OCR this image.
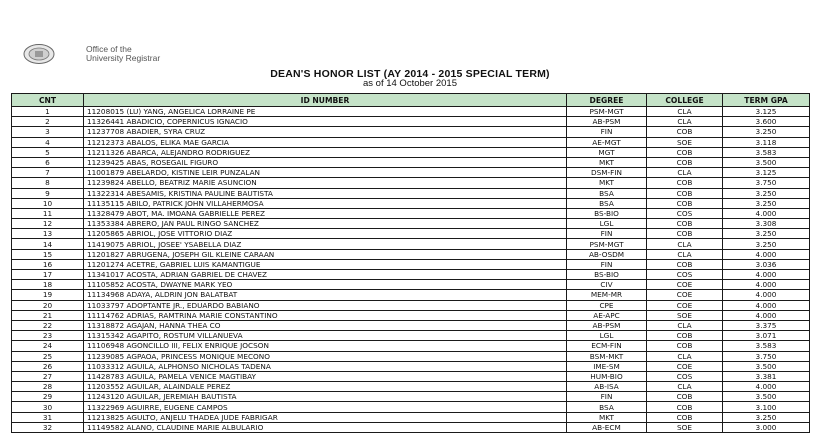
Office of the
University Registrar
DEAN'S HONOR LIST (AY 2014 - 2015 SPECIAL TERM)
as of 14 October 2015
CNT	ID NUMBER	DEGREE	COLLEGE	TERM GPA
1	11208015 (LU) YANG, ANGELICA LORRAINE PE	PSM-MGT	CLA	3.125
2	11326441 ABADICIO, COPERNICUS IGNACIO	AB-PSM	CLA	3.600
3	11237708 ABADIER, SYRA CRUZ	FIN	COB	3.250
4	11212373 ABALOS, ELIKA MAE GARCIA	AE-MGT	SOE	3.118
5	11211326 ABARCA, ALEJANDRO RODRIGUEZ	MGT	COB	3.583
6	11239425 ABAS, ROSEGAIL FIGURO	MKT	COB	3.500
7	11001879 ABELARDO, KISTINE LEIR PUNZALAN	DSM-FIN	CLA	3.125
8	11239824 ABELLO, BEATRIZ MARIE ASUNCION	MKT	COB	3.750
9	11322314 ABESAMIS, KRISTINA PAULINE BAUTISTA	BSA	COB	3.250
10	11135115 ABILO, PATRICK JOHN VILLAHERMOSA	BSA	COB	3.250
11	11328479 ABOT, MA. IMOANA GABRIELLE PEREZ	BS-BIO	COS	4.000
12	11353384 ABRERO, JAN PAUL RINGO SANCHEZ	LGL	COB	3.308
13	11205865 ABRIOL, JOSE VITTORIO DIAZ	FIN	COB	3.250
14	11419075 ABRIOL, JOSEE' YSABELLA DIAZ	PSM-MGT	CLA	3.250
15	11201827 ABRUGENA, JOSEPH GIL KLEINE CARAAN	AB-OSDM	CLA	4.000
16	11201274 ACETRE, GABRIEL LUIS KAMANTIGUE	FIN	COB	3.036
17	11341017 ACOSTA, ADRIAN GABRIEL DE CHAVEZ	BS-BIO	COS	4.000
18	11105852 ACOSTA, DWAYNE MARK YEO	CIV	COE	4.000
19	11134968 ADAYA, ALDRIN JON BALATBAT	MEM-MR	COE	4.000
20	11033797 ADOPTANTE JR., EDUARDO BABIANO	CPE	COE	4.000
21	11114762 ADRIAS, RAMTRINA MARIE CONSTANTINO	AE-APC	SOE	4.000
22	11318872 AGAJAN, HANNA THEA CO	AB-PSM	CLA	3.375
23	11315342 AGAPITO, ROSTUM VILLANUEVA	LGL	COB	3.071
24	11106948 AGONCILLO III, FELIX ENRIQUE JOCSON	ECM-FIN	COB	3.583
25	11239085 AGPAOA, PRINCESS MONIQUE MECONO	BSM-MKT	CLA	3.750
26	11033312 AGUILA, ALPHONSO NICHOLAS TADENA	IME-SM	COE	3.500
27	11428783 AGUILA, PAMELA VENICE MAGTIBAY	HUM-BIO	COS	3.381
28	11203552 AGUILAR, ALAINDALE PEREZ	AB-ISA	CLA	4.000
29	11243120 AGUILAR, JEREMIAH BAUTISTA	FIN	COB	3.500
30	11322969 AGUIRRE, EUGENE CAMPOS	BSA	COB	3.100
31	11213825 AGULTO, ANJELU THADEA JUDE FABRIGAR	MKT	COB	3.250
32	11149582 ALANO, CLAUDINE MARIE ALBULARIO	AB-ECM	SOE	3.000
